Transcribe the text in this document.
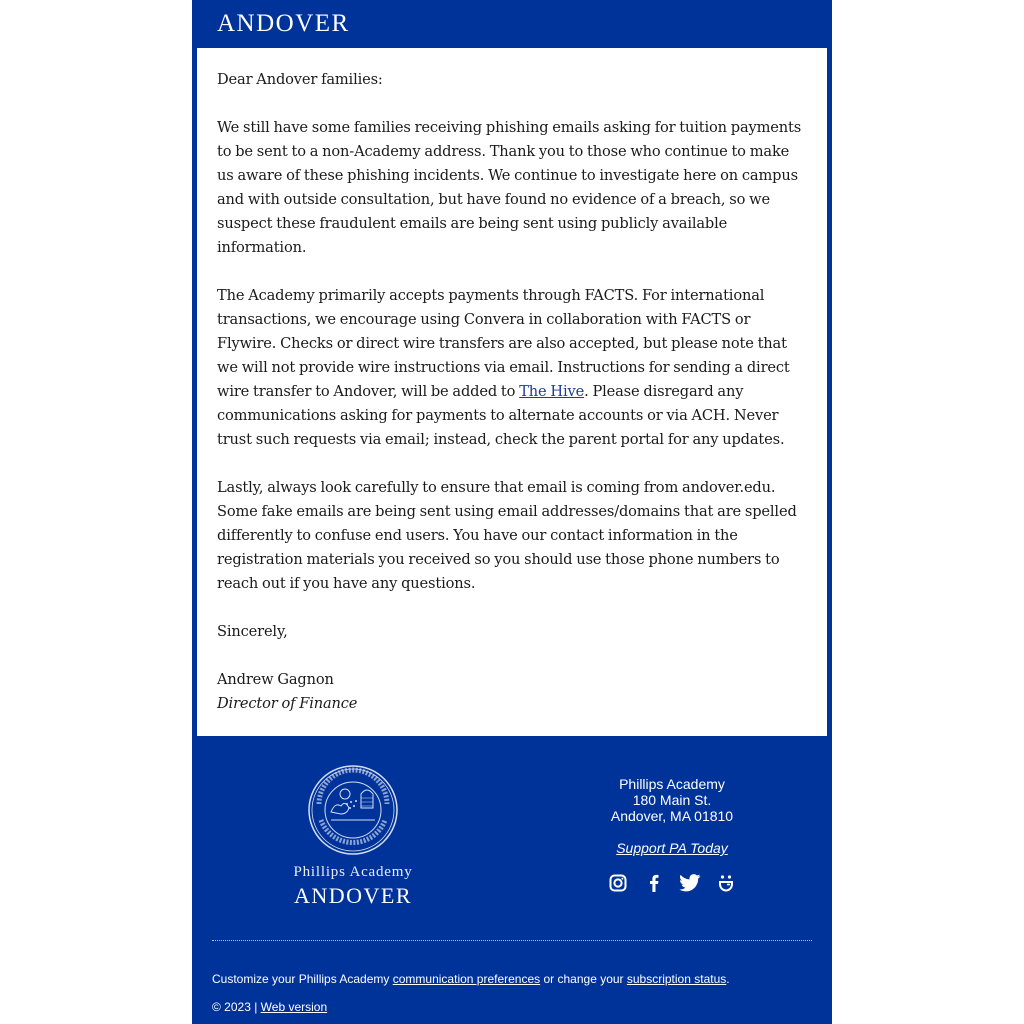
ANDOVER

Dear Andover families:

We still have some families receiving phishing emails asking for tuition payments to be sent to a non-Academy address. Thank you to those who continue to make us aware of these phishing incidents. We continue to investigate here on campus and with outside consultation, but have found no evidence of a breach, so we suspect these fraudulent emails are being sent using publicly available information.

The Academy primarily accepts payments through FACTS. For international transactions, we encourage using Convera in collaboration with FACTS or Flywire. Checks or direct wire transfers are also accepted, but please note that we will not provide wire instructions via email. Instructions for sending a direct wire transfer to Andover, will be added to The Hive. Please disregard any communications asking for payments to alternate accounts or via ACH. Never trust such requests via email; instead, check the parent portal for any updates.

Lastly, always look carefully to ensure that email is coming from andover.edu. Some fake emails are being sent using email addresses/domains that are spelled differently to confuse end users. You have our contact information in the registration materials you received so you should use those phone numbers to reach out if you have any questions.

Sincerely,

Andrew Gagnon

Director of Finance

Phillips Academy
ANDOVER
Phillips Academy
180 Main St.
Andover, MA 01810
Support PA Today
Customize your Phillips Academy communication preferences or change your subscription status.
© 2023 | Web version
